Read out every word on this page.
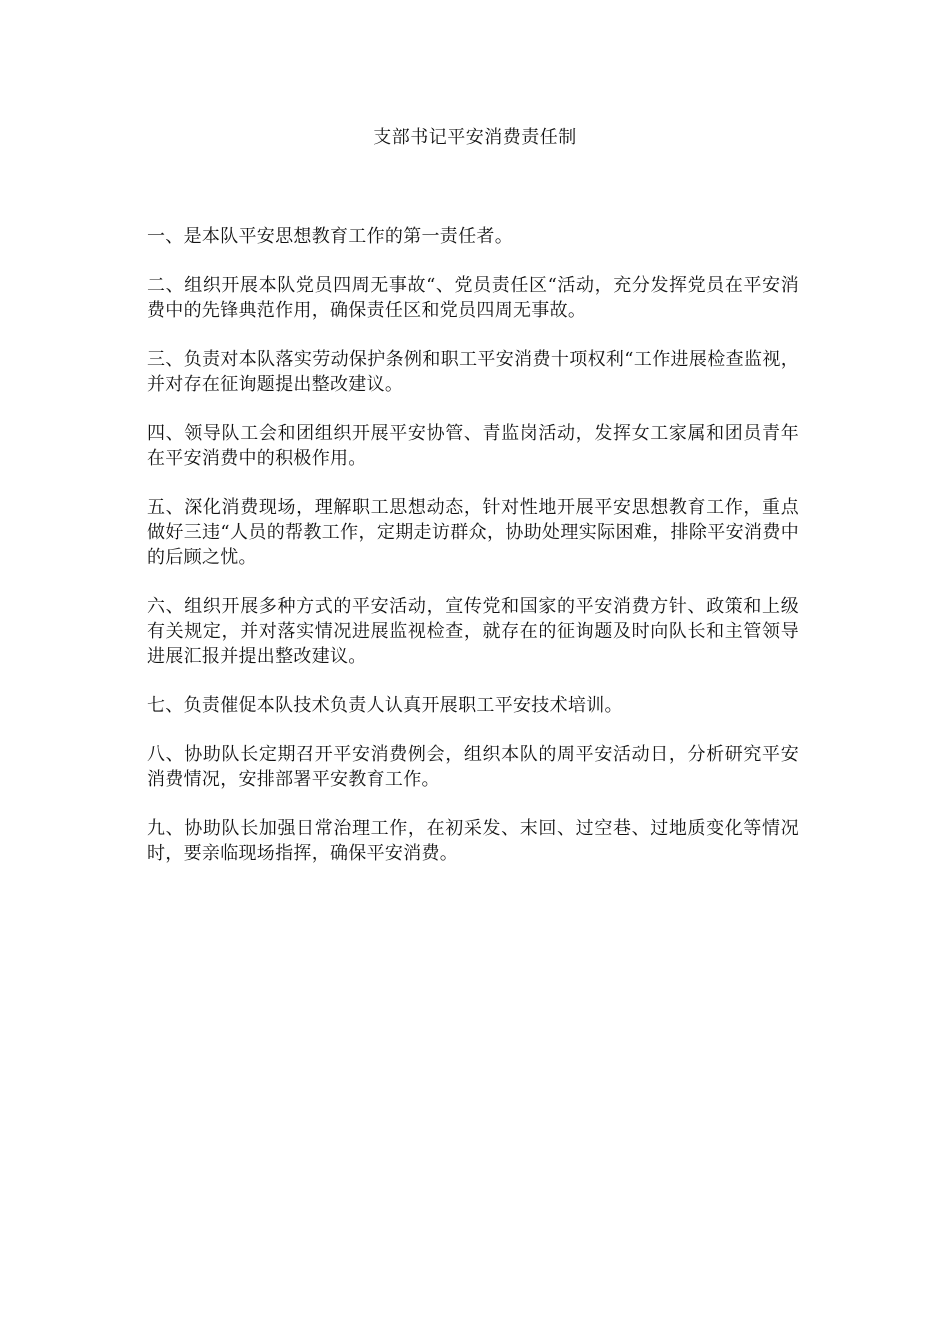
支部书记平安消费责任制

一、是本队平安思想教育工作的第一责任者。

二、组织开展本队党员四周无事故“、党员责任区“活动，充分发挥党员在平安消费中的先锋典范作用，确保责任区和党员四周无事故。

三、负责对本队落实劳动保护条例和职工平安消费十项权利“工作进展检查监视，并对存在征询题提出整改建议。

四、领导队工会和团组织开展平安协管、青监岗活动，发挥女工家属和团员青年在平安消费中的积极作用。

五、深化消费现场，理解职工思想动态，针对性地开展平安思想教育工作，重点做好三违“人员的帮教工作，定期走访群众，协助处理实际困难，排除平安消费中的后顾之忧。

六、组织开展多种方式的平安活动，宣传党和国家的平安消费方针、政策和上级有关规定，并对落实情况进展监视检查，就存在的征询题及时向队长和主管领导进展汇报并提出整改建议。

七、负责催促本队技术负责人认真开展职工平安技术培训。

八、协助队长定期召开平安消费例会，组织本队的周平安活动日，分析研究平安消费情况，安排部署平安教育工作。

九、协助队长加强日常治理工作，在初采发、末回、过空巷、过地质变化等情况时，要亲临现场指挥，确保平安消费。
